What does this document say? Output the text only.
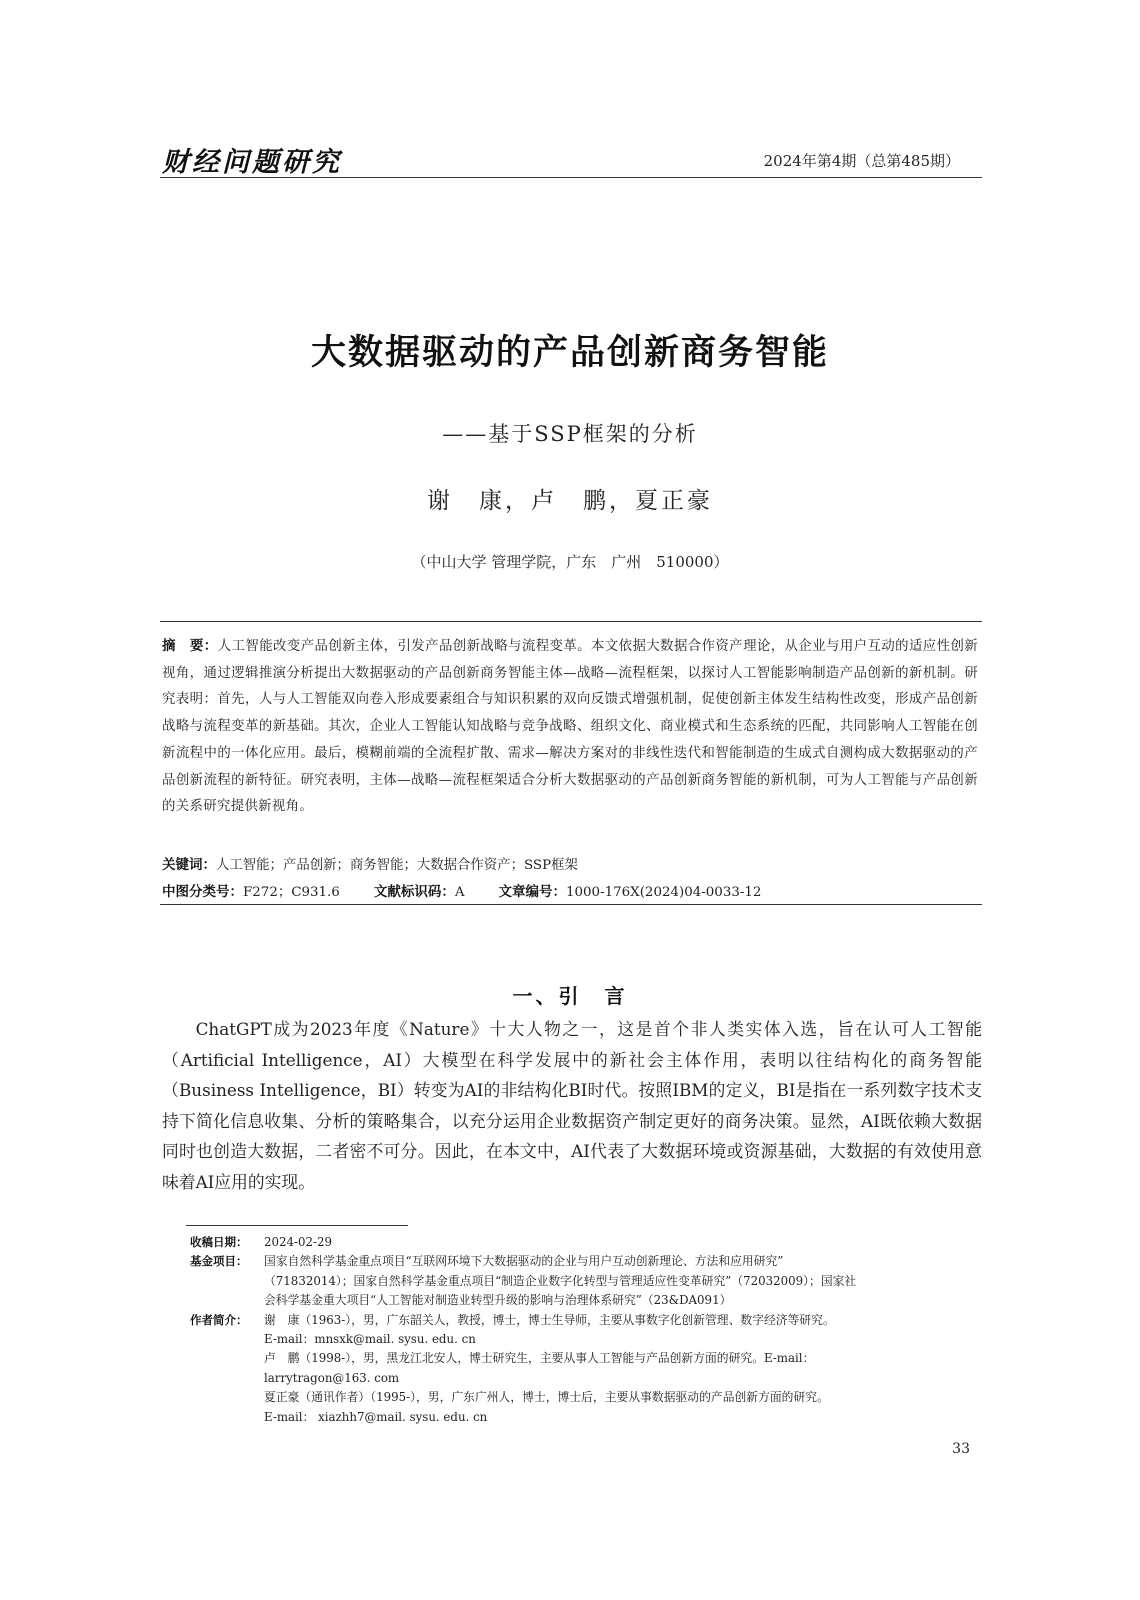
财经问题研究	2024年第4期（总第485期）
大数据驱动的产品创新商务智能
——基于SSP框架的分析
谢　康，卢　鹏，夏正豪
（中山大学 管理学院，广东　广州　510000）
摘　要：人工智能改变产品创新主体，引发产品创新战略与流程变革。本文依据大数据合作资产理论，从企业与用户互动的适应性创新视角，通过逻辑推演分析提出大数据驱动的产品创新商务智能主体—战略—流程框架，以探讨人工智能影响制造产品创新的新机制。研究表明：首先，人与人工智能双向卷入形成要素组合与知识积累的双向反馈式增强机制，促使创新主体发生结构性改变，形成产品创新战略与流程变革的新基础。其次，企业人工智能认知战略与竞争战略、组织文化、商业模式和生态系统的匹配，共同影响人工智能在创新流程中的一体化应用。最后，模糊前端的全流程扩散、需求—解决方案对的非线性迭代和智能制造的生成式自测构成大数据驱动的产品创新流程的新特征。研究表明，主体—战略—流程框架适合分析大数据驱动的产品创新商务智能的新机制，可为人工智能与产品创新的关系研究提供新视角。
关键词：人工智能；产品创新；商务智能；大数据合作资产；SSP框架
中图分类号：F272；C931.6	文献标识码：A	文章编号：1000-176X(2024)04-0033-12
一、引　言

ChatGPT成为2023年度《Nature》十大人物之一，这是首个非人类实体入选，旨在认可人工智能（Artificial Intelligence，AI）大模型在科学发展中的新社会主体作用，表明以往结构化的商务智能（Business Intelligence，BI）转变为AI的非结构化BI时代。按照IBM的定义，BI是指在一系列数字技术支持下简化信息收集、分析的策略集合，以充分运用企业数据资产制定更好的商务决策。显然，AI既依赖大数据同时也创造大数据，二者密不可分。因此，在本文中，AI代表了大数据环境或资源基础，大数据的有效使用意味着AI应用的实现。

收稿日期：	2024-02-29
基金项目：	国家自然科学基金重点项目“互联网环境下大数据驱动的企业与用户互动创新理论、方法和应用研究”
（71832014）；国家自然科学基金重点项目“制造企业数字化转型与管理适应性变革研究”（72032009）；国家社
会科学基金重大项目“人工智能对制造业转型升级的影响与治理体系研究”（23&DA091）
作者简介：	谢　康（1963-），男，广东韶关人，教授，博士，博士生导师，主要从事数字化创新管理、数字经济等研究。
E-mail：mnsxk@mail. sysu. edu. cn
卢　鹏（1998-），男，黑龙江北安人，博士研究生，主要从事人工智能与产品创新方面的研究。E-mail：
larrytragon@163. com
夏正豪（通讯作者）（1995-），男，广东广州人，博士，博士后，主要从事数据驱动的产品创新方面的研究。
E-mail： xiazhh7@mail. sysu. edu. cn
33
